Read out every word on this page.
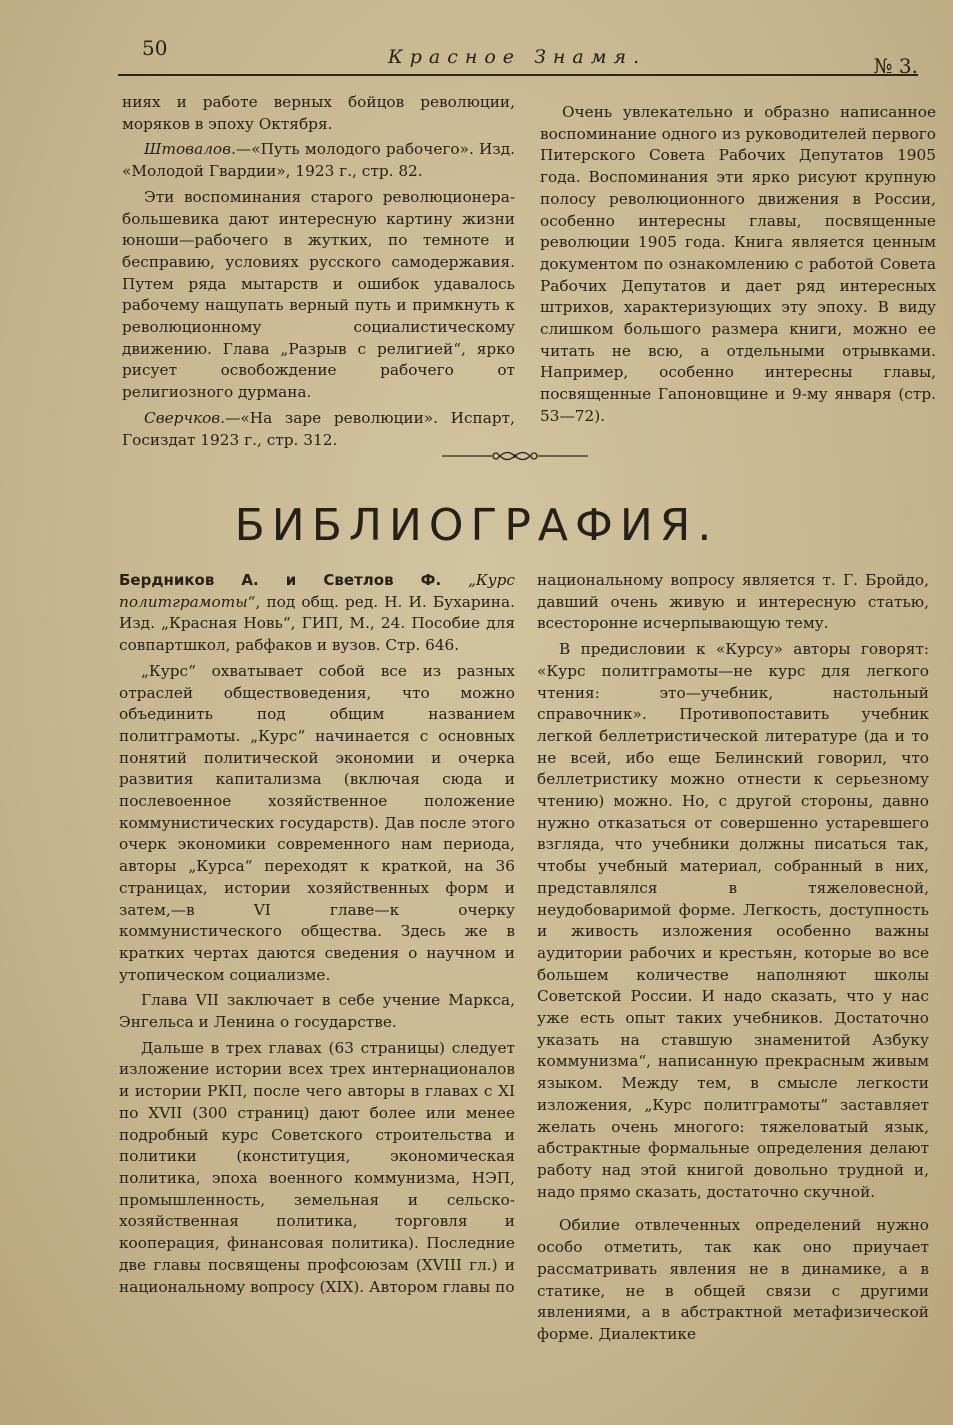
50	Красное Знамя.	№ 3.

ниях и работе верных бойцов революции, моряков в эпоху Октября.

Штовалов.—«Путь молодого рабочего». Изд. «Молодой Гвардии», 1923 г., стр. 82.

Эти воспоминания старого революционера-большевика дают интересную картину жизни юноши—рабочего в жутких, по темноте и бесправию, условиях русского самодержавия. Путем ряда мытарств и ошибок удавалось рабочему нащупать верный путь и примкнуть к революционному социалистическому движению. Глава „Разрыв с религией“, ярко рисует освобождение рабочего от религиозного дурмана.

Сверчков.—«На заре революции». Испарт, Госиздат 1923 г., стр. 312.

Очень увлекательно и образно написанное воспоминание одного из руководителей первого Питерского Совета Рабочих Депутатов 1905 года. Воспоминания эти ярко рисуют крупную полосу революционного движения в России, особенно интересны главы, посвященные революции 1905 года. Книга является ценным документом по ознакомлению с работой Совета Рабочих Депутатов и дает ряд интересных штрихов, характеризующих эту эпоху. В виду слишком большого размера книги, можно ее читать не всю, а отдельными отрывками. Например, особенно интересны главы, посвященные Гапоновщине и 9-му января (стр. 53—72).

БИБЛИОГРАФИЯ.

Бердников А. и Светлов Ф. „Курс политграмоты“, под общ. ред. Н. И. Бухарина. Изд. „Красная Новь“, ГИП, М., 24. Пособие для совпартшкол, рабфаков и вузов. Стр. 646.

„Курс“ охватывает собой все из разных отраслей обществоведения, что можно объединить под общим названием политграмоты. „Курс“ начинается с основных понятий политической экономии и очерка развития капитализма (включая сюда и послевоенное хозяйственное положение коммунистических государств). Дав после этого очерк экономики современного нам периода, авторы „Курса“ переходят к краткой, на 36 страницах, истории хозяйственных форм и затем,—в VI главе—к очерку коммунистического общества. Здесь же в кратких чертах даются сведения о научном и утопическом социализме.

Глава VII заключает в себе учение Маркса, Энгельса и Ленина о государстве.

Дальше в трех главах (63 страницы) следует изложение истории всех трех интернационалов и истории РКП, после чего авторы в главах с XI по XVII (300 страниц) дают более или менее подробный курс Советского строительства и политики (конституция, экономическая политика, эпоха военного коммунизма, НЭП, промышленность, земельная и сельско-хозяйственная политика, торговля и кооперация, финансовая политика). Последние две главы посвящены профсоюзам (XVIII гл.) и национальному вопросу (XIX). Автором главы по

национальному вопросу является т. Г. Бройдо, давший очень живую и интересную статью, всесторонне исчерпывающую тему.

В предисловии к «Курсу» авторы говорят: «Курс политграмоты—не курс для легкого чтения: это—учебник, настольный справочник». Противопоставить учебник легкой беллетристической литературе (да и то не всей, ибо еще Белинский говорил, что беллетристику можно отнести к серьезному чтению) можно. Но, с другой стороны, давно нужно отказаться от совершенно устаревшего взгляда, что учебники должны писаться так, чтобы учебный материал, собранный в них, представлялся в тяжеловесной, неудобоваримой форме. Легкость, доступность и живость изложения особенно важны аудитории рабочих и крестьян, которые во все большем количестве наполняют школы Советской России. И надо сказать, что у нас уже есть опыт таких учебников. Достаточно указать на ставшую знаменитой Азбуку коммунизма“, написанную прекрасным живым языком. Между тем, в смысле легкости изложения, „Курс политграмоты“ заставляет желать очень многого: тяжеловатый язык, абстрактные формальные определения делают работу над этой книгой довольно трудной и, надо прямо сказать, достаточно скучной.

Обилие отвлеченных определений нужно особо отметить, так как оно приучает рассматривать явления не в динамике, а в статике, не в общей связи с другими явлениями, а в абстрактной метафизической форме. Диалектике
